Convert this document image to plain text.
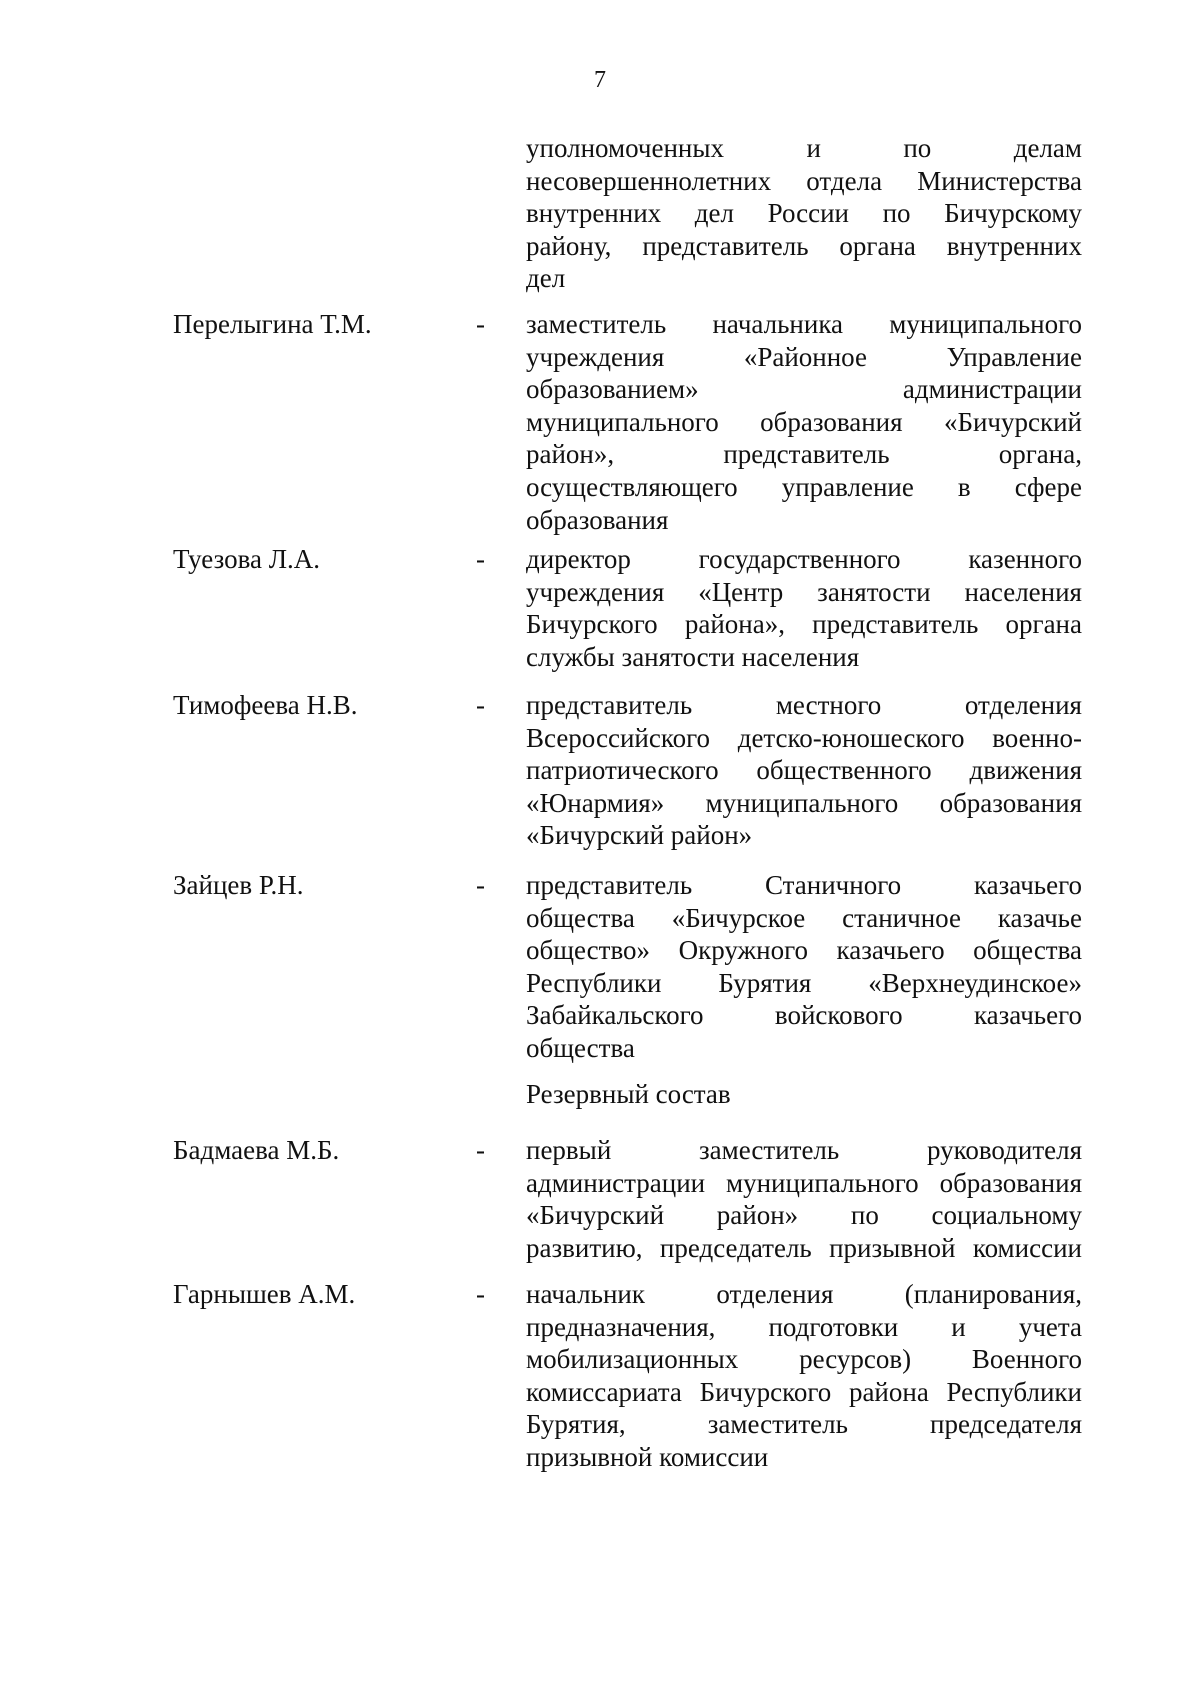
7
уполномоченных	и	по	делам
несовершеннолетних отдела Министерства
внутренних дел России по Бичурскому
району, представитель органа внутренних
дел
Перелыгина Т.М.	- заместитель начальника муниципального
учреждения	«Районное	Управление
образованием»	администрации
муниципального образования «Бичурский
район»,	представитель	органа,
осуществляющего управление в сфере
образования
Туезова Л.А.	- директор	государственного	казенного
учреждения «Центр занятости населения
Бичурского района», представитель органа
службы занятости населения
Тимофеева Н.В.	- представитель	местного	отделения
Всероссийского детско-юношеского военно-
патриотического общественного движения
«Юнармия» муниципального образования
«Бичурский район»
Зайцев Р.Н.	- представитель	Станичного	казачьего
общества «Бичурское станичное казачье
общество» Окружного казачьего общества
Республики Бурятия «Верхнеудинское»
Забайкальского	войскового	казачьего
общества
Резервный состав
Бадмаева М.Б.	- первый	заместитель	руководителя
администрации муниципального образования
«Бичурский район» по социальному
развитию, председатель призывной комиссии
Гарнышев А.М.	- начальник	отделения	(планирования,
предназначения, подготовки и учета
мобилизационных ресурсов) Военного
комиссариата Бичурского района Республики
Бурятия,	заместитель	председателя
призывной комиссии
